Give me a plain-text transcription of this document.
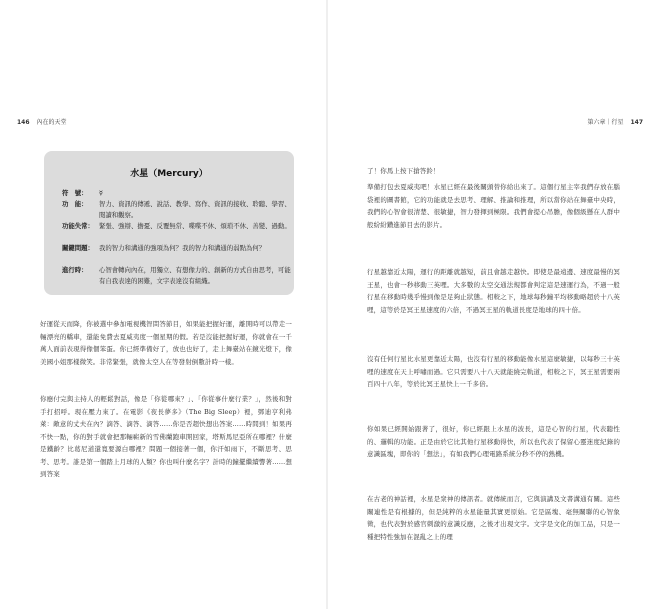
146 內在的天堂
水星（Mercury）
符　號：	☿
功　能：	智力、資訊的傳遞、說話、教學、寫作、資訊的接收、聆聽、學習、閱讀和觀察。
功能失常： 緊張、強辯、擔憂、反覆無常、喋喋不休、煩瑣不休、善變、過動。
關鍵問題： 我的智力和溝通的強項為何？我的智力和溝通的弱點為何？
進行時：	心智會轉向內在，用獨立、有想像力的、創新的方式自由思考，可能有自我表達的困難，文字表達沒有組織。
好運從天而降，你被選中參加電視機智問答節目，如果能把握好運，離開時可以帶走一輛漂亮的轎車，還能免費去夏威夷度一個星期的假。若是沒能把握好運，你就會在一千萬人面前表現得像個笨蛋。你已經準備好了，放也也好了，走上舞臺站在鏡光燈下，像美國小姐那樣微笑。非常緊張，就像太空人在等發射倒數計時一樣。
你應付完與主持人的輕鬆對話，像是「你從哪來？」、「你從事什麼行業？」，然後和對手打招呼。現在壓力來了。在電影《夜長夢多》（The Big Sleep）裡，鄧迪亨利弗萊：敵意的丈夫在內？滴答、滴答、滴答……你是否超快想出答案……時間到！如果再不快一點，你的對手就會把那輛嶄新的雪佛蘭跑車開回家，塔斯馬尼亞所在哪裡？什麼是鐵齡？比葛尼道還寬要源白哪裡？問題一個接著一個，你汗如雨下，不斷思考、思考、思考。誰是第一個踏上月球的人類？你也叫什麼名字？計時的鐘擺繼續響著……想到答案
第六章｜行星 147
了！你馬上按下搶答鈴！
準備打包去夏威夷吧！水星已經在最後關頭替你給出來了。這個行星主宰我們存放在腦袋裡的圖書館，它的功能就是去思考、理解、推論和推理，所以當你站在舞臺中央時，我們的心智會很清楚、很敏捷，智力發揮到極限。我們會提心吊膽，像個級懸在人群中般紛紛鑽進節目去的影片。
行星越靠近太陽，運行的距離就越短，前且會越走越快。即使是最遠邊、速度最慢的冥王星，也會一秒移動三英哩。大多數的太空交通法規都會判定這是速運行為，不過一般行星在移動時幾乎慢到像是足夠止狀態。相較之下，地球每秒鐘平均移動略超於十八英哩，這等於是冥王星速度的六倍，不過冥王星的軌道長度是地球的四十倍。
沒有任何行星比水星更靠近太陽，也沒有行星的移動能像水星這麼敏捷，以每秒三十英哩的速度在天上呼嘯而過。它只需要八十八天就能繞完軌道，相較之下，冥王星需要兩百四十八年，等於比冥王星快上一千多倍。
你如果已經開始跟著了，很好，你已經跟上水星的波長，這是心智的行星，代表聽性的、邏輯的功能。正是由於它比其他行星移動得快，所以也代表了保留心靈迷度紀錄的意識區塊，即你的「想法」，有如我們心理電路系統分秒不停的熱機。
在古老的神話裡，水星是衆神的傳訊者。就傳統而言，它與演講及文書溝通有關。這些關連性是有根據的，但是純粹的水星能量其實更原始。它是區塊、毫無關聯的心智象徵，也代表對於感官刺激的意識反應，之後才出現文字。文字是文化的加工品，只是一種把特性強加在混亂之上的理
